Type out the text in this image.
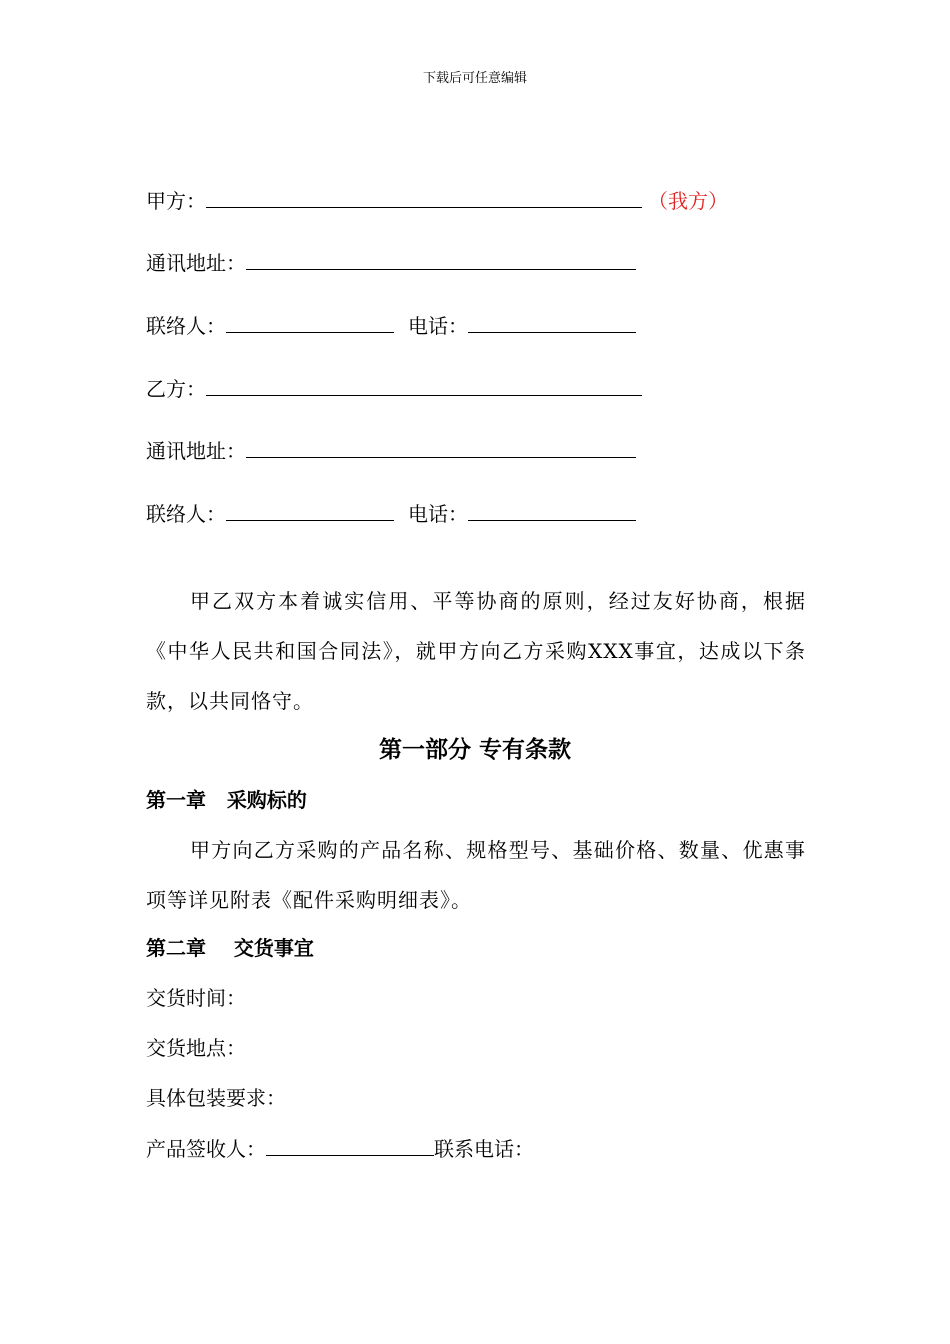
下载后可任意编辑
甲方：	（我方）
通讯地址：
联络人：	电话：
乙方：
通讯地址：
联络人：	电话：
甲乙双方本着诚实信用、平等协商的原则，经过友好协商，根据《中华人民共和国合同法》，就甲方向乙方采购XXX事宜，达成以下条款，以共同恪守。
第一部分 专有条款
第一章   采购标的
甲方向乙方采购的产品名称、规格型号、基础价格、数量、优惠事项等详见附表《配件采购明细表》。
第二章    交货事宜
交货时间：
交货地点：
具体包装要求：
产品签收人：	联系电话：
